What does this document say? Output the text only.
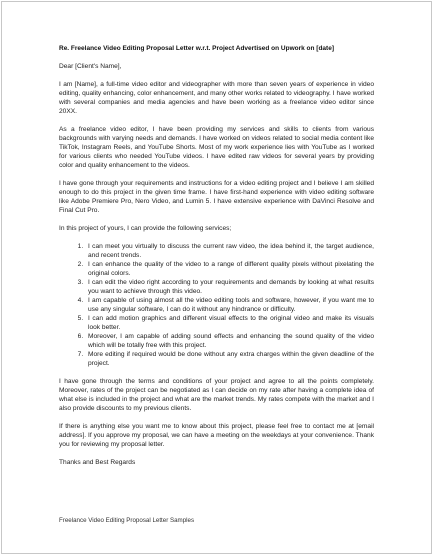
Re. Freelance Video Editing Proposal Letter w.r.t. Project Advertised on Upwork on [date]

Dear [Client's Name],

I am [Name], a full-time video editor and videographer with more than seven years of experience in video editing, quality enhancing, color enhancement, and many other works related to videography. I have worked with several companies and media agencies and have been working as a freelance video editor since 20XX.

As a freelance video editor, I have been providing my services and skills to clients from various backgrounds with varying needs and demands. I have worked on videos related to social media content like TikTok, Instagram Reels, and YouTube Shorts. Most of my work experience lies with YouTube as I worked for various clients who needed YouTube videos. I have edited raw videos for several years by providing color and quality enhancement to the videos.

I have gone through your requirements and instructions for a video editing project and I believe I am skilled enough to do this project in the given time frame. I have first-hand experience with video editing software like Adobe Premiere Pro, Nero Video, and Lumin 5. I have extensive experience with DaVinci Resolve and Final Cut Pro.

In this project of yours, I can provide the following services;

1. I can meet you virtually to discuss the current raw video, the idea behind it, the target audience, and recent trends.
2. I can enhance the quality of the video to a range of different quality pixels without pixelating the original colors.
3. I can edit the video right according to your requirements and demands by looking at what results you want to achieve through this video.
4. I am capable of using almost all the video editing tools and software, however, if you want me to use any singular software, I can do it without any hindrance or difficulty.
5. I can add motion graphics and different visual effects to the original video and make its visuals look better.
6. Moreover, I am capable of adding sound effects and enhancing the sound quality of the video which will be totally free with this project.
7. More editing if required would be done without any extra charges within the given deadline of the project.

I have gone through the terms and conditions of your project and agree to all the points completely. Moreover, rates of the project can be negotiated as I can decide on my rate after having a complete idea of what else is included in the project and what are the market trends. My rates compete with the market and I also provide discounts to my previous clients.

If there is anything else you want me to know about this project, please feel free to contact me at [email address]. If you approve my proposal, we can have a meeting on the weekdays at your convenience. Thank you for reviewing my proposal letter.

Thanks and Best Regards

Freelance Video Editing Proposal Letter Samples
